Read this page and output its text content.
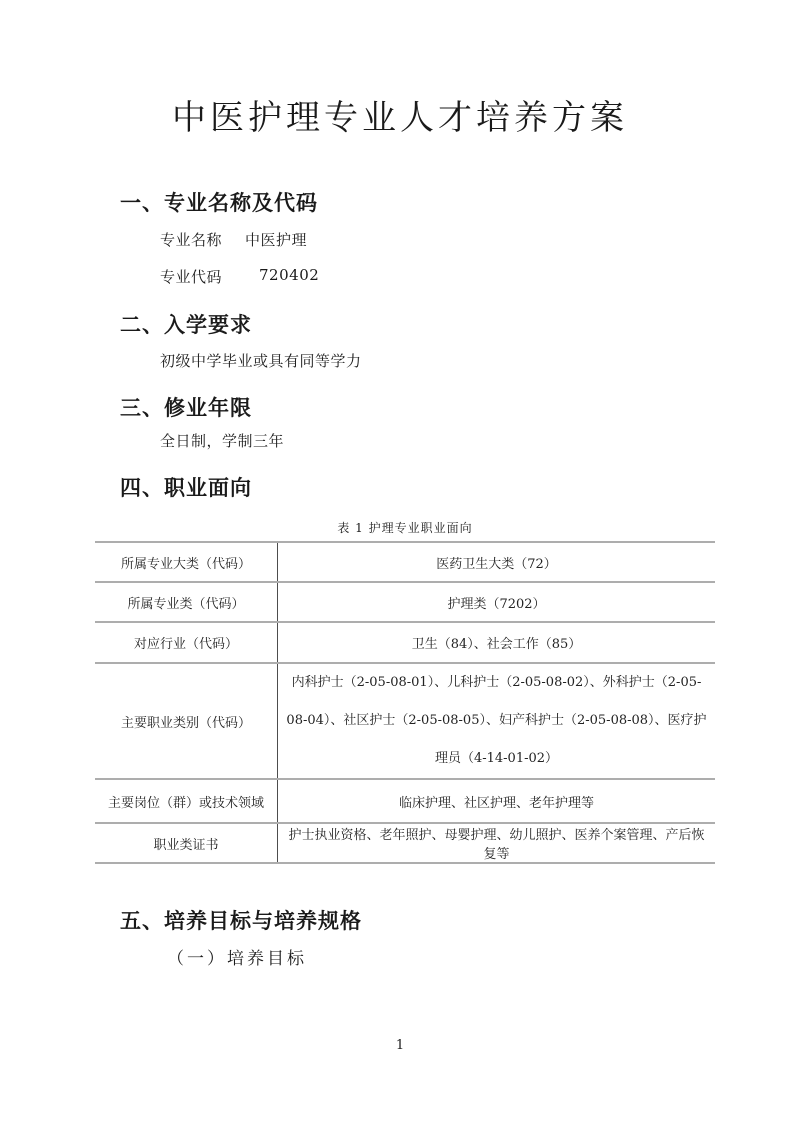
中医护理专业人才培养方案
一、专业名称及代码
专业名称 中医护理
专业代码 720402
二、入学要求
初级中学毕业或具有同等学力
三、修业年限
全日制，学制三年
四、职业面向
表 1 护理专业职业面向
所属专业大类（代码）	医药卫生大类（72）
所属专业类（代码）	护理类（7202）
对应行业（代码）	卫生（84）、社会工作（85）
主要职业类别（代码）	内科护士（2-05-08-01）、儿科护士（2-05-08-02）、外科护士（2-05-08-04）、社区护士（2-05-08-05）、妇产科护士（2-05-08-08）、医疗护理员（4-14-01-02）
主要岗位（群）或技术领域	临床护理、社区护理、老年护理等
职业类证书	护士执业资格、老年照护、母婴护理、幼儿照护、医养个案管理、产后恢复等
五、培养目标与培养规格
（一）培养目标
1
